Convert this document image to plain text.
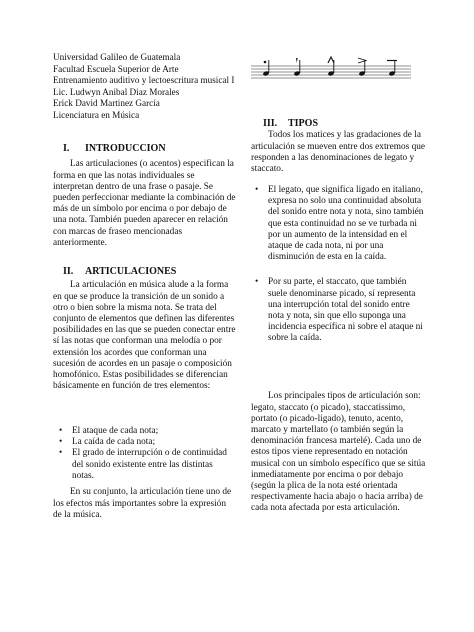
Universidad Galileo de Guatemala
Facultad Escuela Superior de Arte
Entrenamiento auditivo y lectoescritura musical I
Lic. Ludwyn Anibal Diaz Morales
Erick David Martinez García
Licenciatura en Música
I. INTRODUCCION

Las articulaciones (o acentos) especifican la forma en que las notas individuales se interpretan dentro de una frase o pasaje. Se pueden perfeccionar mediante la combinación de más de un símbolo por encima o por debajo de una nota. También pueden aparecer en relación con marcas de fraseo mencionadas anteriormente.

II. ARTICULACIONES

La articulación en música alude a la forma en que se produce la transición de un sonido a otro o bien sobre la misma nota. Se trata del conjunto de elementos que definen las diferentes posibilidades en las que se pueden conectar entre sí las notas que conforman una melodía o por extensión los acordes que conforman una sucesión de acordes en un pasaje o composición homofónico. Estas posibilidades se diferencian básicamente en función de tres elementos:

• El ataque de cada nota;
• La caída de cada nota;
• El grado de interrupción o de continuidad del sonido existente entre las distintas notas.

En su conjunto, la articulación tiene uno de los efectos más importantes sobre la expresión de la música.

III. TIPOS

Todos los matices y las gradaciones de la articulación se mueven entre dos extremos que responden a las denominaciones de legato y staccato.

• El legato, que significa ligado en italiano, expresa no solo una continuidad absoluta del sonido entre nota y nota, sino también que esta continuidad no se ve turbada ni por un aumento de la intensidad en el ataque de cada nota, ni por una disminución de esta en la caída.
• Por su parte, el staccato, que también suele denominarse picado, sí representa una interrupción total del sonido entre nota y nota, sin que ello suponga una incidencia específica ni sobre el ataque ni sobre la caída.

Los principales tipos de articulación son: legato, staccato (o picado), staccatissimo, portato (o picado-ligado), tenuto, acento, marcato y martellato (o también según la denominación francesa martelé). Cada uno de estos tipos viene representado en notación musical con un símbolo específico que se sitúa inmediatamente por encima o por debajo (según la plica de la nota esté orientada respectivamente hacia abajo o hacia arriba) de cada nota afectada por esta articulación.
